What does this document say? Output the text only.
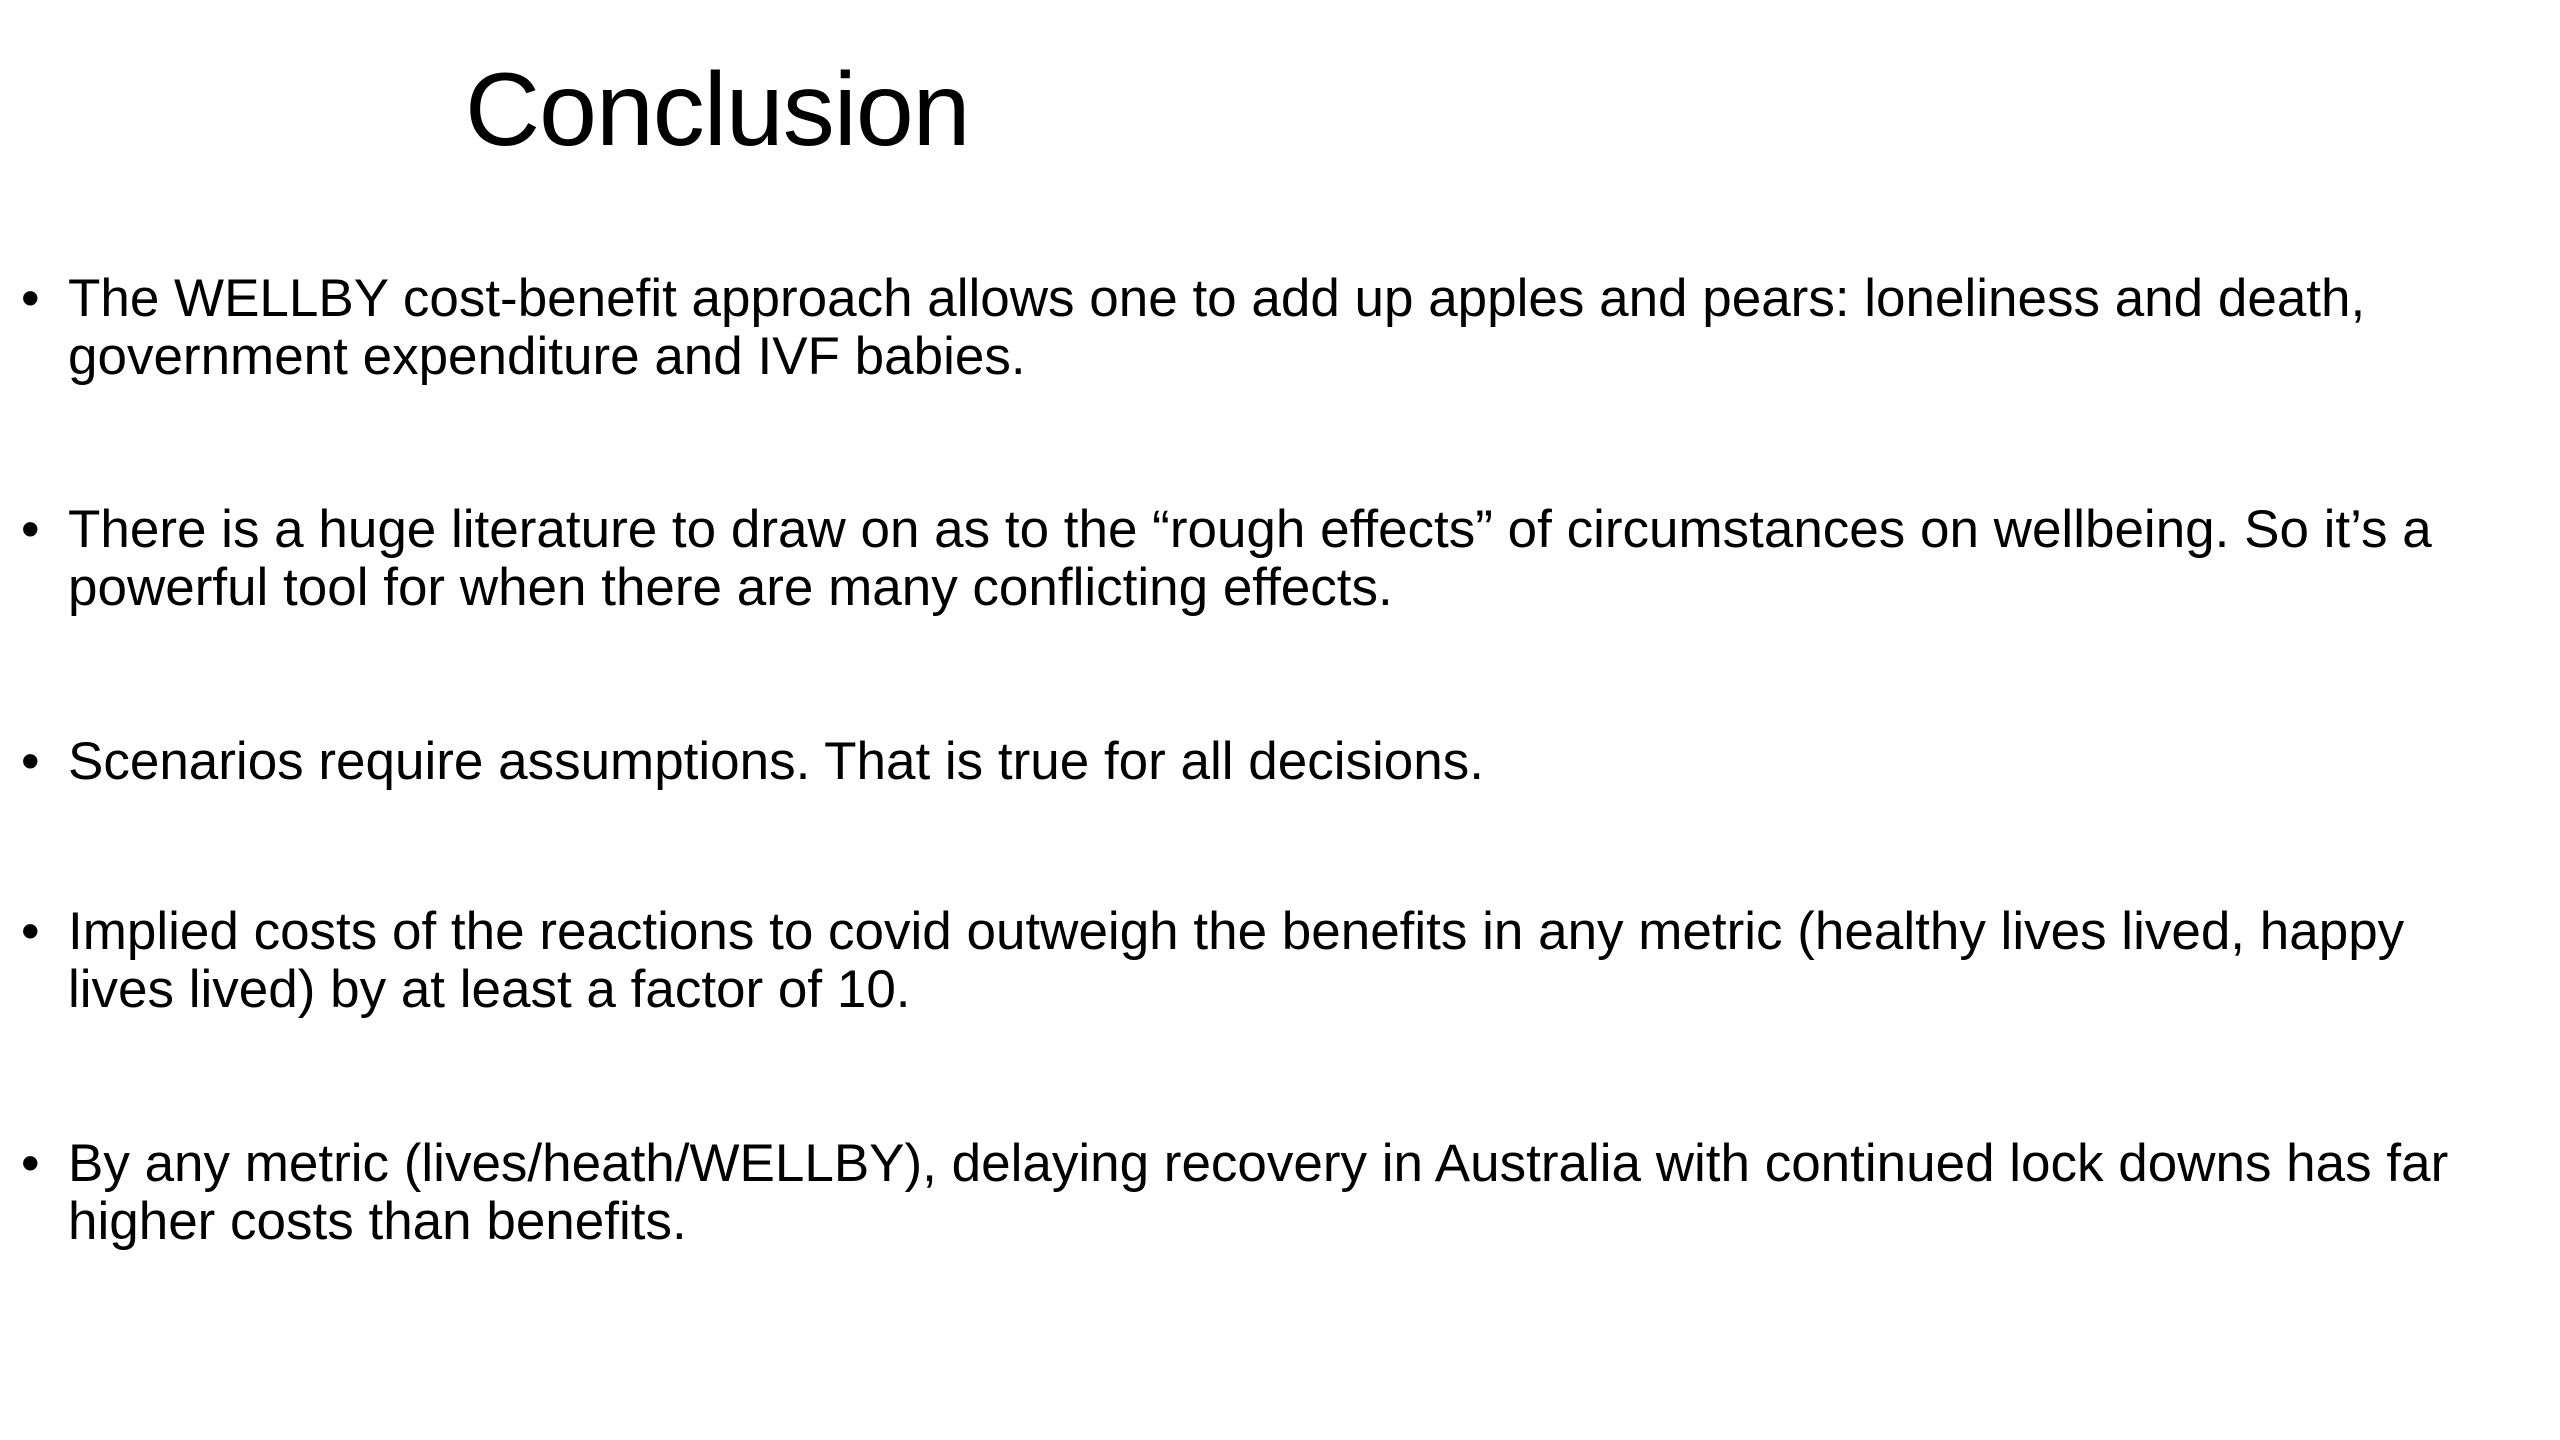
Conclusion
• The WELLBY cost-benefit approach allows one to add up apples and pears: loneliness and death, government expenditure and IVF babies.
• There is a huge literature to draw on as to the “rough effects” of circumstances on wellbeing. So it’s a powerful tool for when there are many conflicting effects.
• Scenarios require assumptions. That is true for all decisions.
• Implied costs of the reactions to covid outweigh the benefits in any metric (healthy lives lived, happy lives lived) by at least a factor of 10.
• By any metric (lives/heath/WELLBY), delaying recovery in Australia with continued lock downs has far higher costs than benefits.
